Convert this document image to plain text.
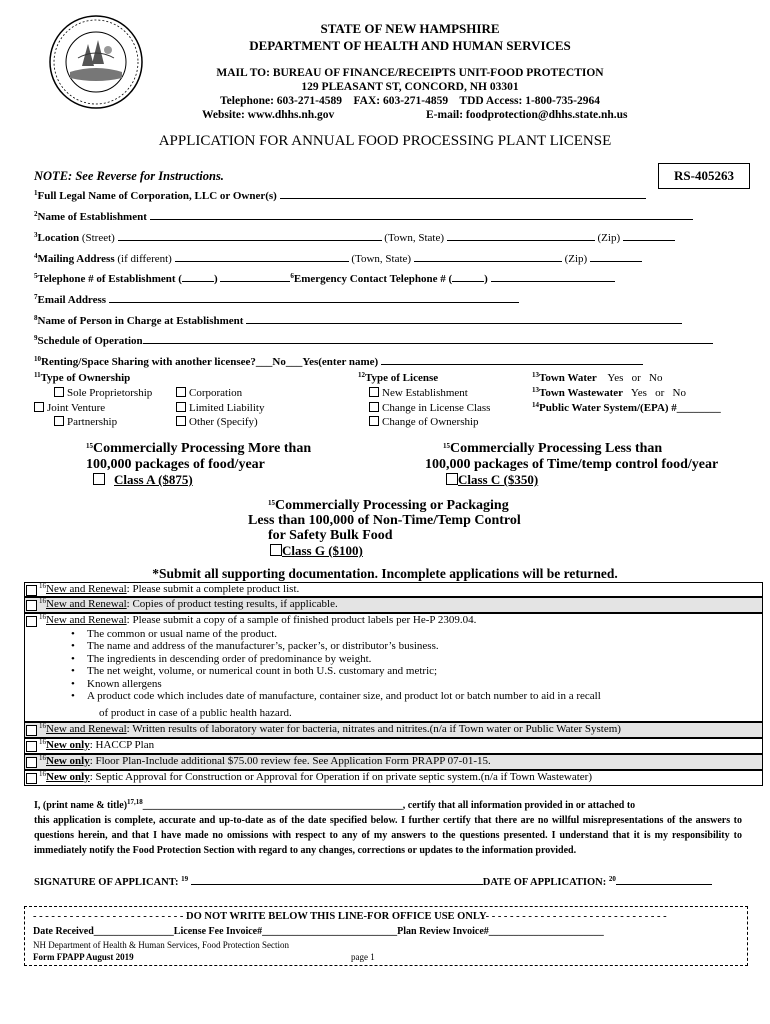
STATE OF NEW HAMPSHIRE
DEPARTMENT OF HEALTH AND HUMAN SERVICES
MAIL TO: BUREAU OF FINANCE/RECEIPTS UNIT-FOOD PROTECTION
129 PLEASANT ST, CONCORD, NH 03301
Telephone: 603-271-4589    FAX: 603-271-4859    TDD Access: 1-800-735-2964
Website: www.dhhs.nh.gov	E-mail: foodprotection@dhhs.state.nh.us
APPLICATION FOR ANNUAL FOOD PROCESSING PLANT LICENSE
NOTE: See Reverse for Instructions.	RS-405263
$^1$Full Legal Name of Corporation, LLC or Owner(s)
$^2$Name of Establishment
$^3$Location (Street)	(Town, State)	(Zip)
$^4$Mailing Address (if different)	(Town, State)	(Zip)
$^5$Telephone # of Establishment (	)	$^6$Emergency Contact Telephone # (	)
$^7$Email Address
$^8$Name of Person in Charge at Establishment
$^9$Schedule of Operation
$^{10}$Renting/Space Sharing with another licensee?___No___Yes(enter name)
$^{11}$Type of Ownership
Sole Proprietorship	Corporation
Joint Venture	Limited Liability
Partnership	Other (Specify)
$^{12}$Type of License
New Establishment
Change in License Class
Change of Ownership
$^{13}$Town Water Yes   or   No
$^{13}$Town Wastewater Yes   or   No
$^{14}$Public Water System/(EPA) #________
$^{15}$Commercially Processing More than
100,000 packages of food/year
Class A ($875)
$^{15}$Commercially Processing Less than
100,000 packages of Time/temp control food/year
Class C ($350)
$^{15}$Commercially Processing or Packaging
Less than 100,000 of Non-Time/Temp Control
for Safety Bulk Food
Class G ($100)
*Submit all supporting documentation. Incomplete applications will be returned.
$^{16}$New and Renewal: Please submit a complete product list.
$^{16}$New and Renewal: Copies of product testing results, if applicable.
$^{16}$New and Renewal: Please submit a copy of a sample of finished product labels per He-P 2309.04.
• The common or usual name of the product.
• The name and address of the manufacturer’s, packer’s, or distributor’s business.
• The ingredients in descending order of predominance by weight.
• The net weight, volume, or numerical count in both U.S. customary and metric;
• Known allergens
• A product code which includes date of manufacture, container size, and product lot or batch number to aid in a recall
of product in case of a public health hazard.
$^{16}$New and Renewal: Written results of laboratory water for bacteria, nitrates and nitrites.(n/a if Town water or Public Water System)
$^{16}$New only: HACCP Plan
$^{16}$New only: Floor Plan-Include additional $75.00 review fee. See Application Form PRAPP 07-01-15.
$^{16}$New only: Septic Approval for Construction or Approval for Operation if on private septic system.(n/a if Town Wastewater)
I, (print name & title)$^{17,18}$____________________________________________________, certify that all information provided in or attached to
this application is complete, accurate and up-to-date as of the date specified below. I further certify that there are no willful misrepresentations of the answers to questions herein, and that I have made no omissions with respect to any of my answers to the questions presented. I understand that it is my responsibility to immediately notify the Food Protection Section with regard to any changes, corrections or updates to the information provided.
SIGNATURE OF APPLICANT: $^{19}$	DATE OF APPLICATION: $^{20}$
- - - - - - - - - - - - - - - - - - - - - - - - - DO NOT WRITE BELOW THIS LINE-FOR OFFICE USE ONLY- - - - - - - - - - - - - - - - - - - - - - - - - - - - - -
Date Received________________License Fee Invoice#___________________________Plan Review Invoice#_______________________
NH Department of Health & Human Services, Food Protection Section
Form FPAPP August 2019	page 1
